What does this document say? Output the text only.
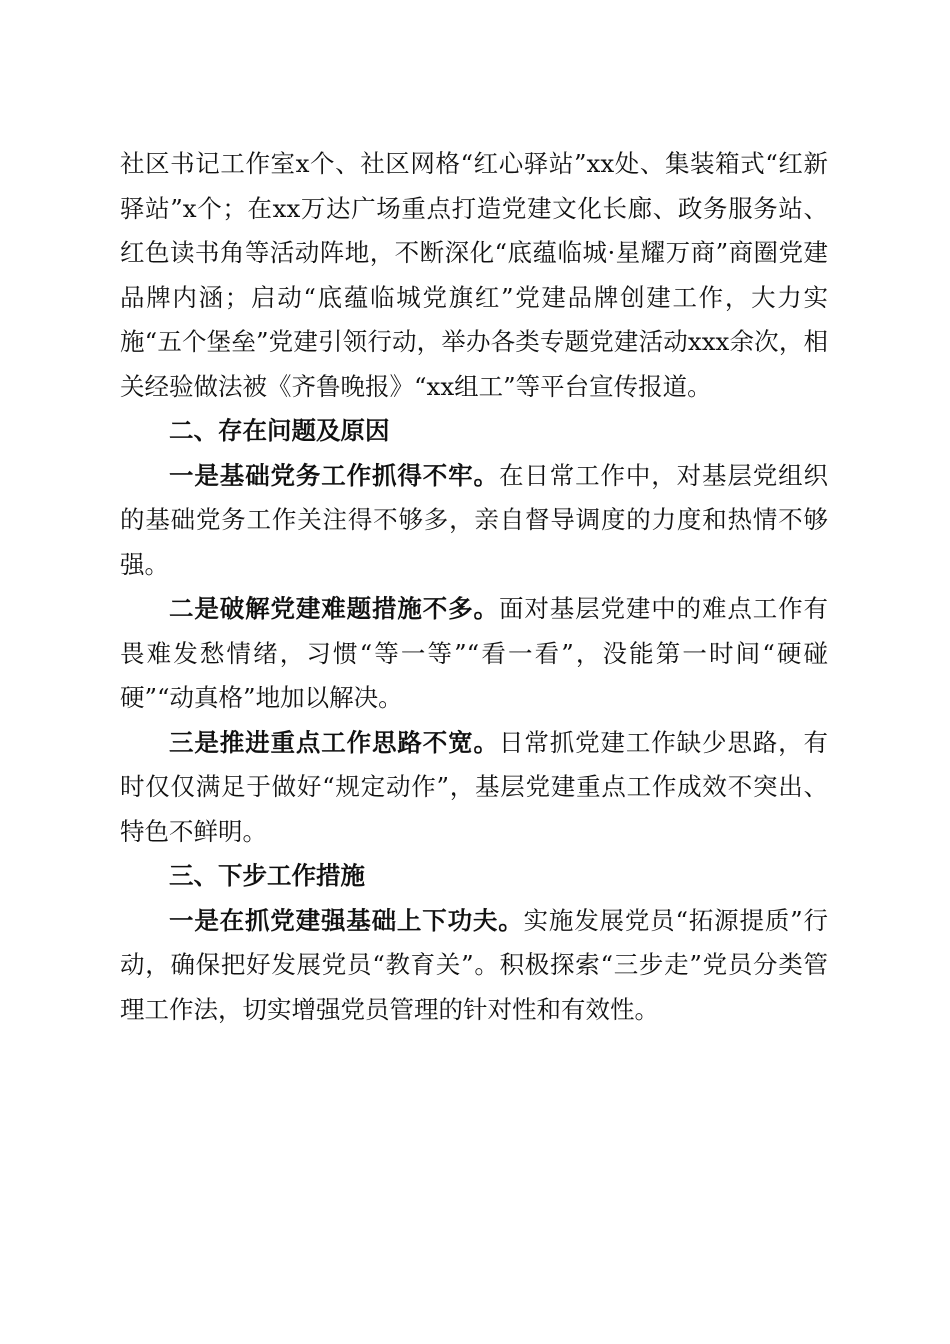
社区书记工作室x个、社区网格“红心驿站”xx处、集装箱式“红新驿站”x个；在xx万达广场重点打造党建文化长廊、政务服务站、红色读书角等活动阵地，不断深化“底蕴临城·星耀万商”商圈党建品牌内涵；启动“底蕴临城党旗红”党建品牌创建工作，大力实施“五个堡垒”党建引领行动，举办各类专题党建活动xxx余次，相关经验做法被《齐鲁晚报》“xx组工”等平台宣传报道。

二、存在问题及原因

一是基础党务工作抓得不牢。在日常工作中，对基层党组织的基础党务工作关注得不够多，亲自督导调度的力度和热情不够强。

二是破解党建难题措施不多。面对基层党建中的难点工作有畏难发愁情绪，习惯“等一等”“看一看”，没能第一时间“硬碰硬”“动真格”地加以解决。

三是推进重点工作思路不宽。日常抓党建工作缺少思路，有时仅仅满足于做好“规定动作”，基层党建重点工作成效不突出、特色不鲜明。

三、下步工作措施

一是在抓党建强基础上下功夫。实施发展党员“拓源提质”行动，确保把好发展党员“教育关”。积极探索“三步走”党员分类管理工作法，切实增强党员管理的针对性和有效性。
